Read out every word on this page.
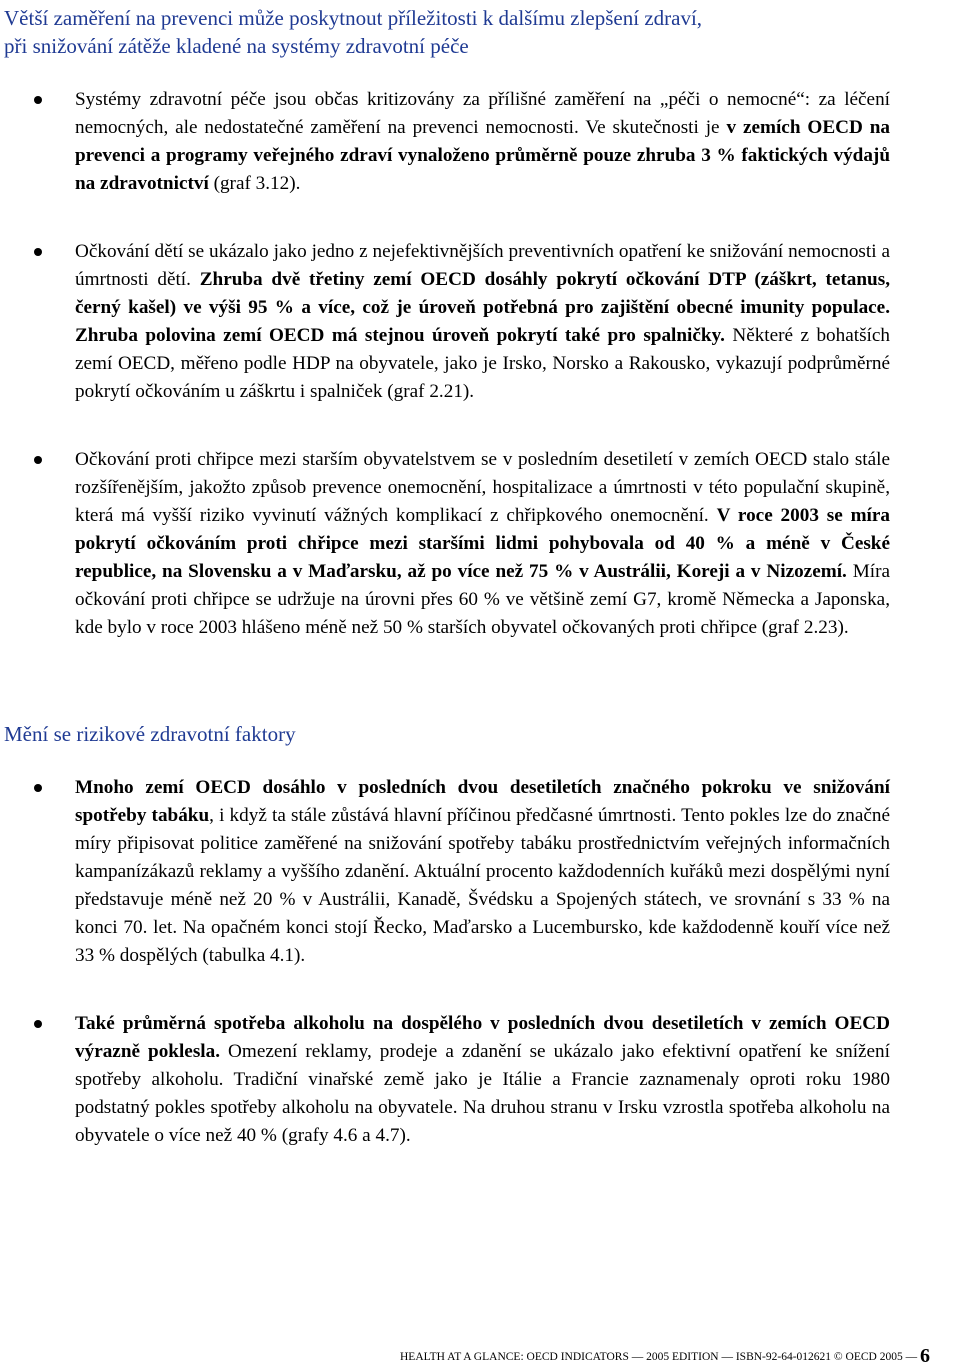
Větší zaměření na prevenci může poskytnout příležitosti k dalšímu zlepšení zdraví,
při snižování zátěže kladené na systémy zdravotní péče

Systémy zdravotní péče jsou občas kritizovány za přílišné zaměření na „péči o nemocné“: za léčení nemocných, ale nedostatečné zaměření na prevenci nemocnosti. Ve skutečnosti je v zemích OECD na prevenci a programy veřejného zdraví vynaloženo průměrně pouze zhruba 3 % faktických výdajů na zdravotnictví (graf 3.12).

Očkování dětí se ukázalo jako jedno z nejefektivnějších preventivních opatření ke snižování nemocnosti a úmrtnosti dětí. Zhruba dvě třetiny zemí OECD dosáhly pokrytí očkování DTP (záškrt, tetanus, černý kašel) ve výši 95 % a více, což je úroveň potřebná pro zajištění obecné imunity populace. Zhruba polovina zemí OECD má stejnou úroveň pokrytí také pro spalničky. Některé z bohatších zemí OECD, měřeno podle HDP na obyvatele, jako je Irsko, Norsko a Rakousko, vykazují podprůměrné pokrytí očkováním u záškrtu i spalniček (graf 2.21).

Očkování proti chřipce mezi starším obyvatelstvem se v posledním desetiletí v zemích OECD stalo stále rozšířenějším, jakožto způsob prevence onemocnění, hospitalizace a úmrtnosti v této populační skupině, která má vyšší riziko vyvinutí vážných komplikací z chřipkového onemocnění. V roce 2003 se míra pokrytí očkováním proti chřipce mezi staršími lidmi pohybovala od 40 % a méně v České republice, na Slovensku a v Maďarsku, až po více než 75 % v Austrálii, Koreji a v Nizozemí. Míra očkování proti chřipce se udržuje na úrovni přes 60 % ve většině zemí G7, kromě Německa a Japonska, kde bylo v roce 2003 hlášeno méně než 50 % starších obyvatel očkovaných proti chřipce (graf 2.23).

Mění se rizikové zdravotní faktory

Mnoho zemí OECD dosáhlo v posledních dvou desetiletích značného pokroku ve snižování spotřeby tabáku, i když ta stále zůstává hlavní příčinou předčasné úmrtnosti. Tento pokles lze do značné míry připisovat politice zaměřené na snižování spotřeby tabáku prostřednictvím veřejných informačních kampanízákazů reklamy a vyššího zdanění. Aktuální procento každodenních kuřáků mezi dospělými nyní představuje méně než 20 % v Austrálii, Kanadě, Švédsku a Spojených státech, ve srovnání s 33 % na konci 70. let. Na opačném konci stojí Řecko, Maďarsko a Lucembursko, kde každodenně kouří více než 33 % dospělých (tabulka 4.1).

Také průměrná spotřeba alkoholu na dospělého v posledních dvou desetiletích v zemích OECD výrazně poklesla. Omezení reklamy, prodeje a zdanění se ukázalo jako efektivní opatření ke snížení spotřeby alkoholu. Tradiční vinařské země jako je Itálie a Francie zaznamenaly oproti roku 1980 podstatný pokles spotřeby alkoholu na obyvatele. Na druhou stranu v Irsku vzrostla spotřeba alkoholu na obyvatele o více než 40 % (grafy 4.6 a 4.7).

HEALTH AT A GLANCE: OECD INDICATORS — 2005 EDITION — ISBN-92-64-012621 © OECD 2005 — 6
